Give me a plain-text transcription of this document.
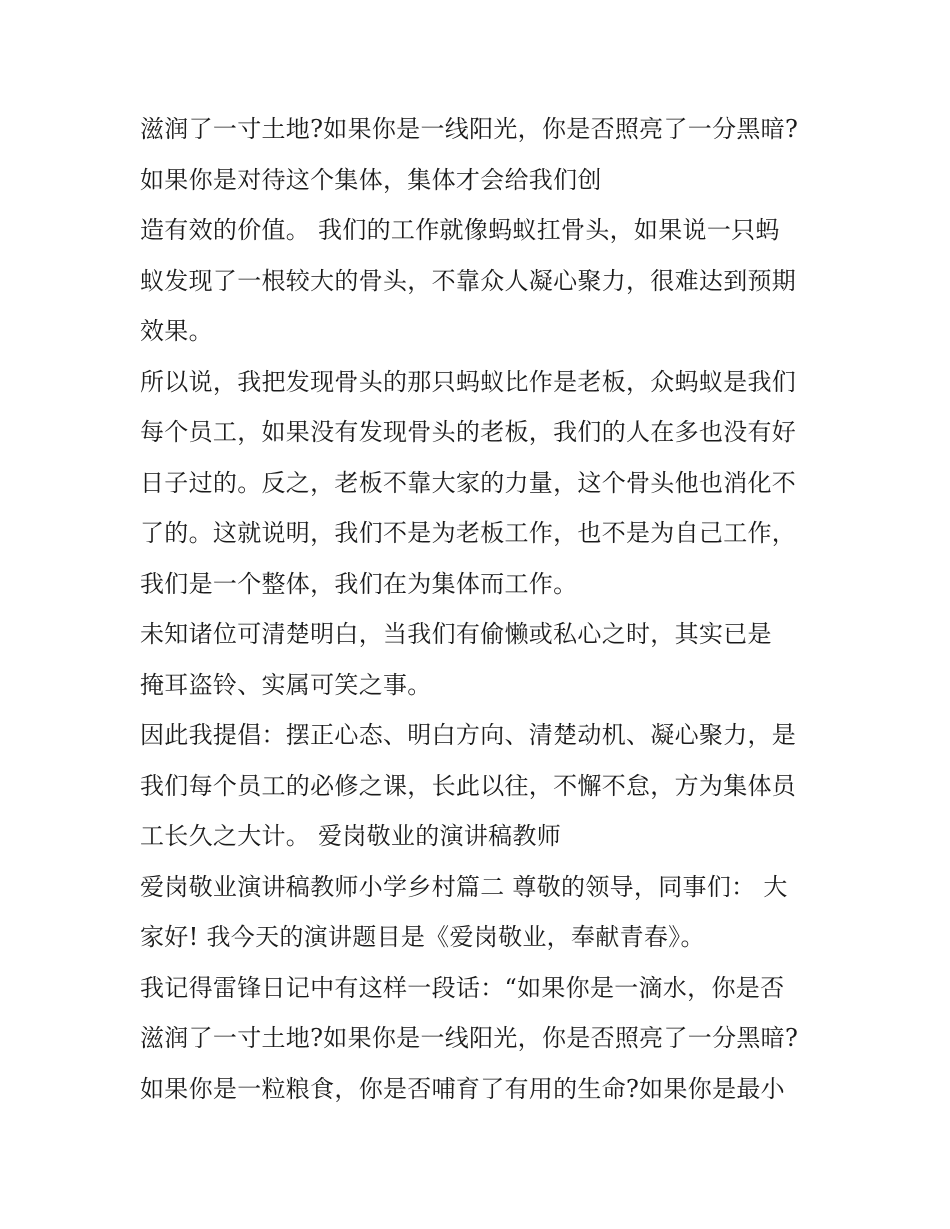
滋润了一寸土地?如果你是一线阳光，你是否照亮了一分黑暗?
如果你是对待这个集体，集体才会给我们创
造有效的价值。 我们的工作就像蚂蚁扛骨头，如果说一只蚂
蚁发现了一根较大的骨头，不靠众人凝心聚力，很难达到预期
效果。
所以说，我把发现骨头的那只蚂蚁比作是老板，众蚂蚁是我们
每个员工，如果没有发现骨头的老板，我们的人在多也没有好
日子过的。反之，老板不靠大家的力量，这个骨头他也消化不
了的。这就说明，我们不是为老板工作，也不是为自己工作，
我们是一个整体，我们在为集体而工作。
未知诸位可清楚明白，当我们有偷懒或私心之时，其实已是
掩耳盗铃、实属可笑之事。
因此我提倡：摆正心态、明白方向、清楚动机、凝心聚力，是
我们每个员工的必修之课，长此以往，不懈不怠，方为集体员
工长久之大计。 爱岗敬业的演讲稿教师
爱岗敬业演讲稿教师小学乡村篇二 尊敬的领导，同事们： 大
家好! 我今天的演讲题目是《爱岗敬业，奉献青春》。
我记得雷锋日记中有这样一段话：“如果你是一滴水，你是否
滋润了一寸土地?如果你是一线阳光，你是否照亮了一分黑暗?
如果你是一粒粮食，你是否哺育了有用的生命?如果你是最小
